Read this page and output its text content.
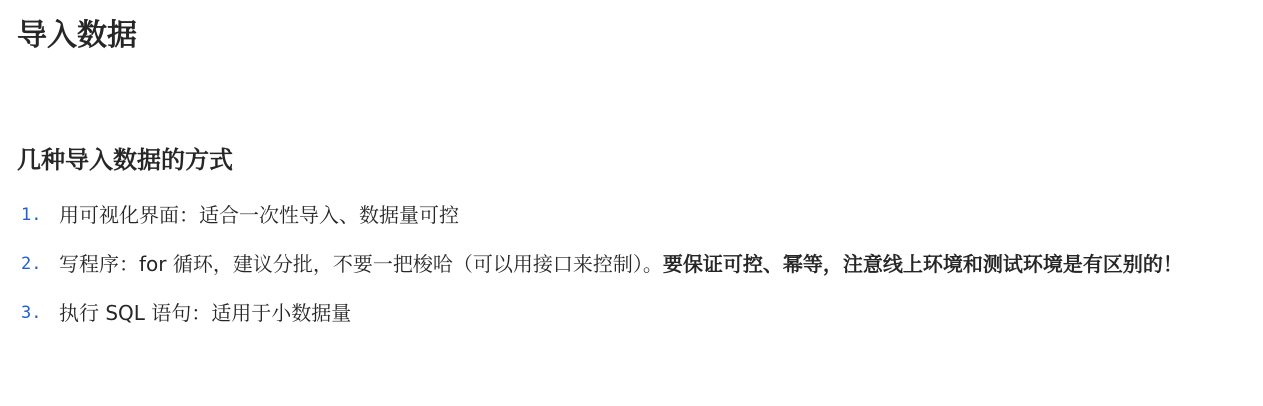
导入数据
几种导入数据的方式
1. 用可视化界面：适合一次性导入、数据量可控
2. 写程序：for 循环，建议分批，不要一把梭哈（可以用接口来控制）。要保证可控、幂等，注意线上环境和测试环境是有区别的！
3. 执行 SQL 语句：适用于小数据量
